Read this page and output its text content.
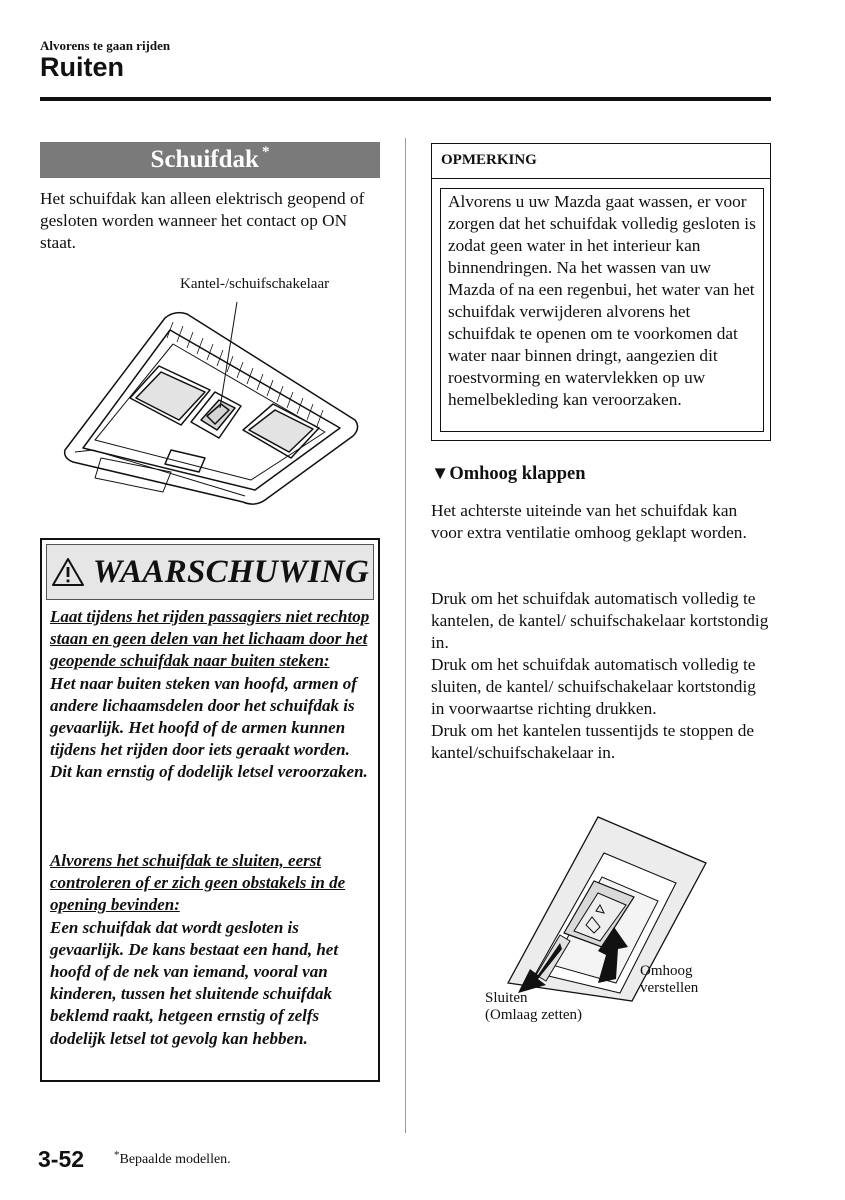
Alvorens te gaan rijden
Ruiten
Schuifdak *
Het schuifdak kan alleen elektrisch geopend of gesloten worden wanneer het contact op ON staat.
Kantel-/schuifschakelaar
WAARSCHUWING
Laat tijdens het rijden passagiers niet rechtop staan en geen delen van het lichaam door het geopende schuifdak naar buiten steken:
Het naar buiten steken van hoofd, armen of andere lichaamsdelen door het schuifdak is gevaarlijk. Het hoofd of de armen kunnen tijdens het rijden door iets geraakt worden. Dit kan ernstig of dodelijk letsel veroorzaken.
Alvorens het schuifdak te sluiten, eerst controleren of er zich geen obstakels in de opening bevinden:
Een schuifdak dat wordt gesloten is gevaarlijk. De kans bestaat een hand, het hoofd of de nek van iemand, vooral van kinderen, tussen het sluitende schuifdak beklemd raakt, hetgeen ernstig of zelfs dodelijk letsel tot gevolg kan hebben.
OPMERKING
Alvorens u uw Mazda gaat wassen, er voor zorgen dat het schuifdak volledig gesloten is zodat geen water in het interieur kan binnendringen. Na het wassen van uw Mazda of na een regenbui, het water van het schuifdak verwijderen alvorens het schuifdak te openen om te voorkomen dat water naar binnen dringt, aangezien dit roestvorming en watervlekken op uw hemelbekleding kan veroorzaken.
▼Omhoog klappen
Het achterste uiteinde van het schuifdak kan voor extra ventilatie omhoog geklapt worden.
Druk om het schuifdak automatisch volledig te kantelen, de kantel/ schuifschakelaar kortstondig in.
Druk om het schuifdak automatisch volledig te sluiten, de kantel/ schuifschakelaar kortstondig in voorwaartse richting drukken.
Druk om het kantelen tussentijds te stoppen de kantel/schuifschakelaar in.
Sluiten
(Omlaag zetten)
Omhoog
verstellen
3-52	*Bepaalde modellen.
